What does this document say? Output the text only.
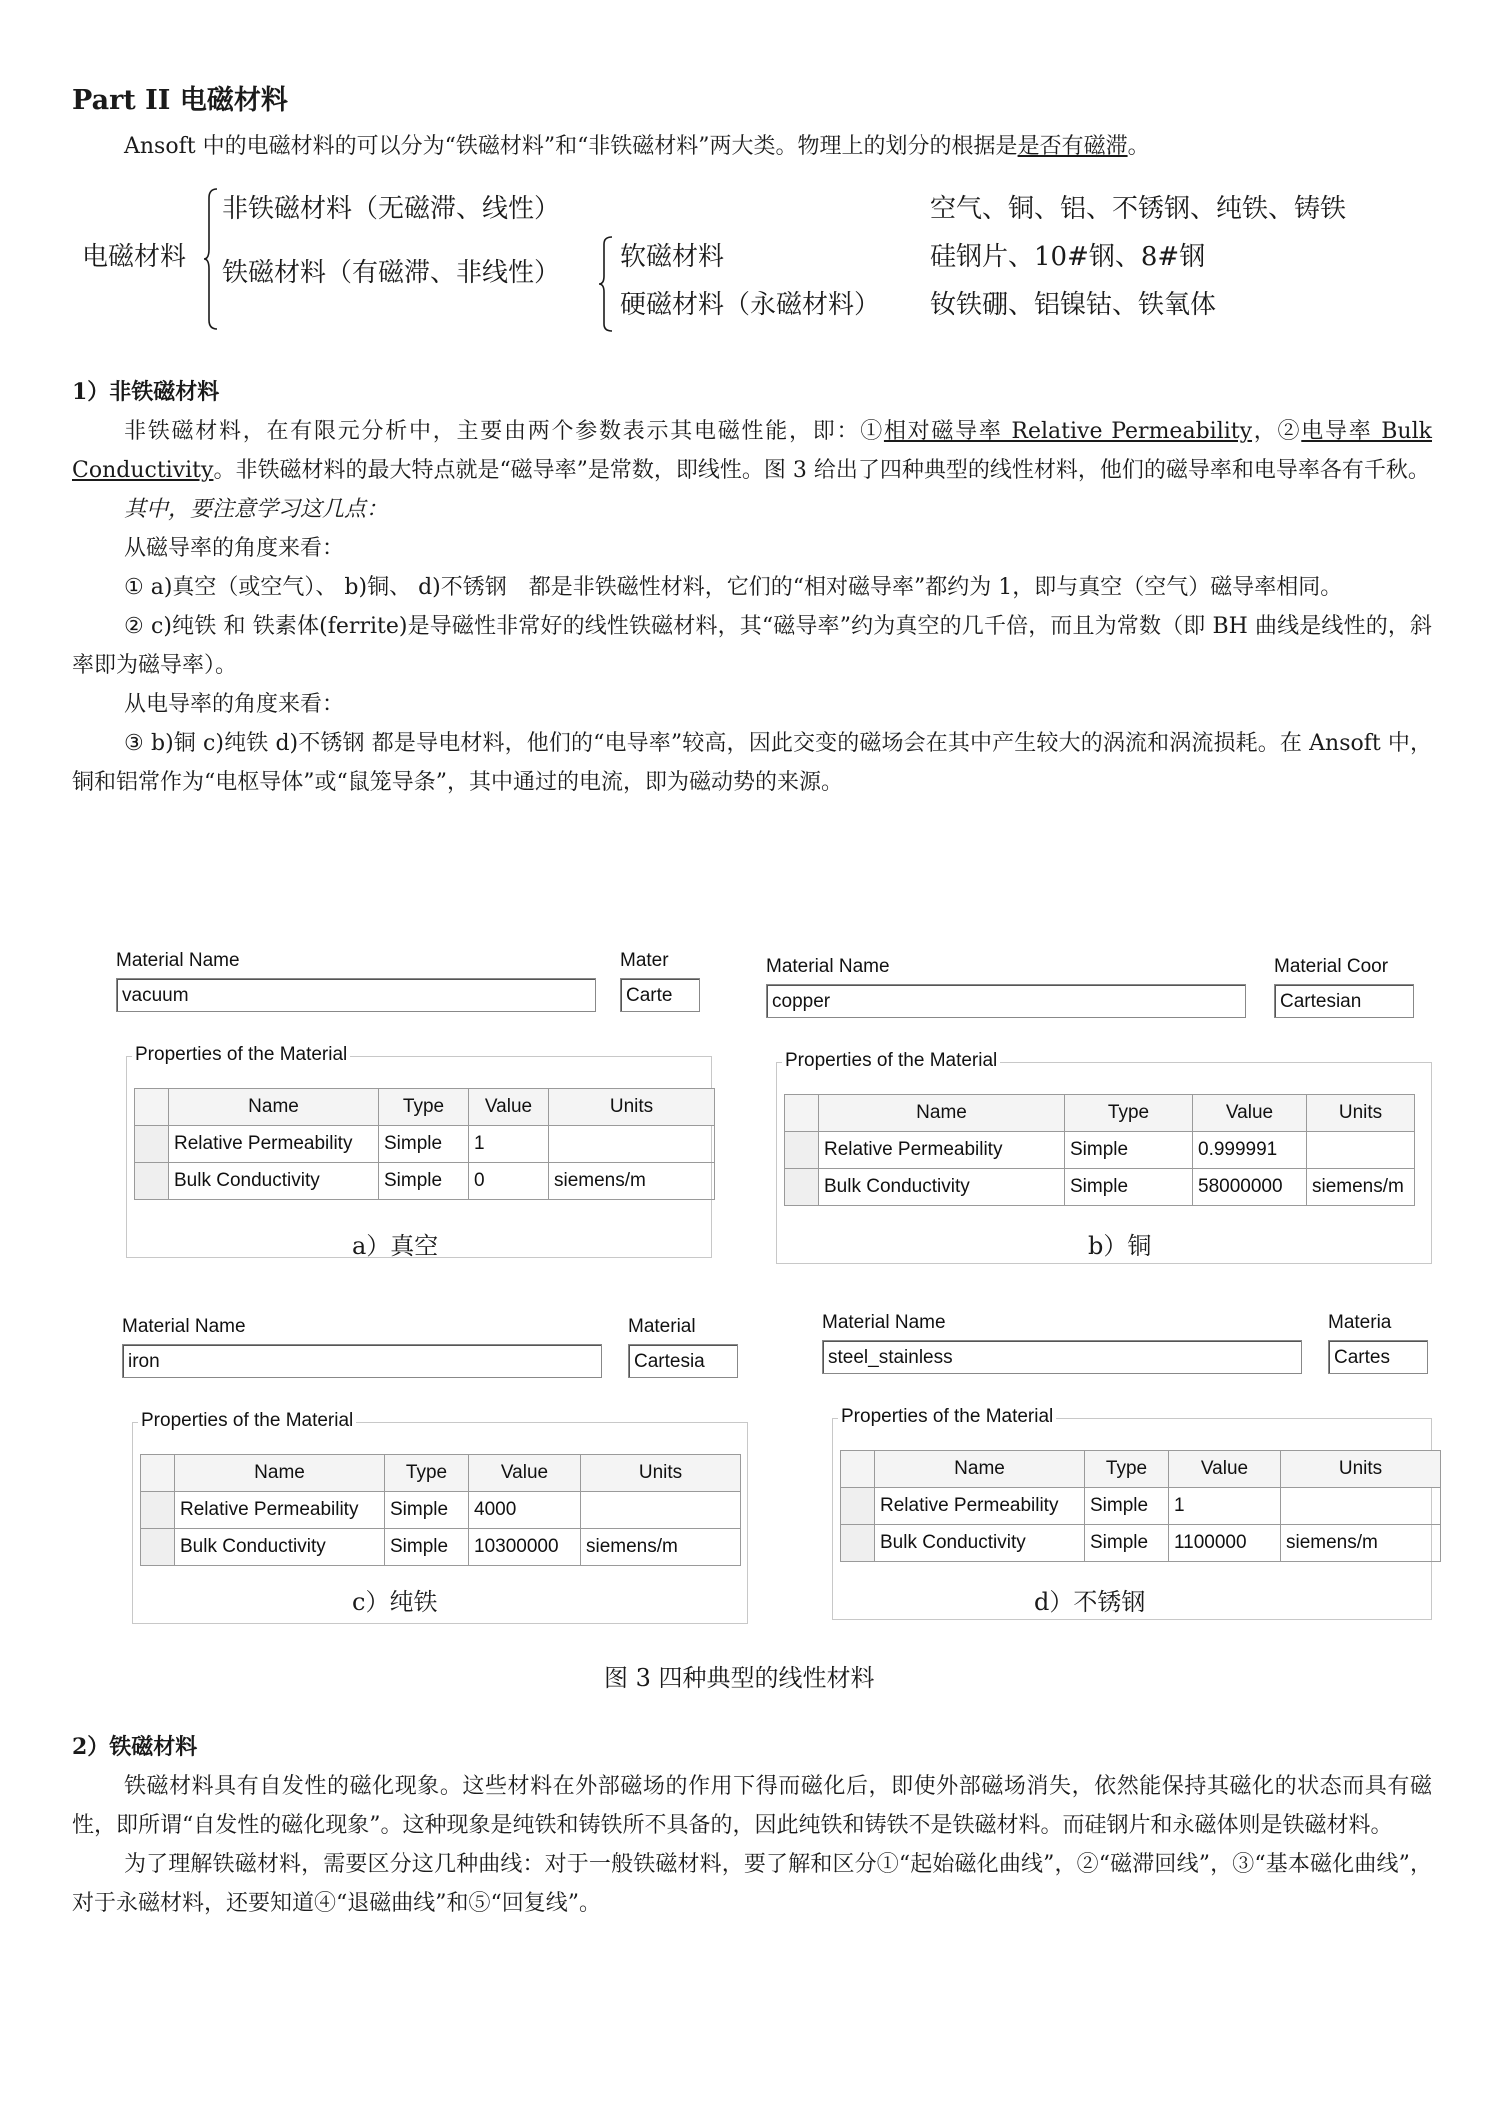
Part II 电磁材料

Ansoft 中的电磁材料的可以分为“铁磁材料”和“非铁磁材料”两大类。物理上的划分的根据是是否有磁滞。

电磁材料
非铁磁材料（无磁滞、线性）	空气、铜、铝、不锈钢、纯铁、铸铁
铁磁材料（有磁滞、非线性）
软磁材料	硅钢片、10#钢、8#钢
硬磁材料（永磁材料） 钕铁硼、铝镍钴、铁氧体
1）非铁磁材料

非铁磁材料，在有限元分析中，主要由两个参数表示其电磁性能，即：①相对磁导率 Relative Permeability，②电导率 Bulk Conductivity。非铁磁材料的最大特点就是“磁导率”是常数，即线性。图 3 给出了四种典型的线性材料，他们的磁导率和电导率各有千秋。

其中，要注意学习这几点：

从磁导率的角度来看：

① a)真空（或空气）、 b)铜、 d)不锈钢　都是非铁磁性材料，它们的“相对磁导率”都约为 1，即与真空（空气）磁导率相同。

② c)纯铁 和 铁素体(ferrite)是导磁性非常好的线性铁磁材料，其“磁导率”约为真空的几千倍，而且为常数（即 BH 曲线是线性的，斜率即为磁导率）。

从电导率的角度来看：

③ b)铜 c)纯铁 d)不锈钢 都是导电材料，他们的“电导率”较高，因此交变的磁场会在其中产生较大的涡流和涡流损耗。在 Ansoft 中，铜和铝常作为“电枢导体”或“鼠笼导条”，其中通过的电流，即为磁动势的来源。

Material Name
vacuum
Mater
Carte
Properties of the Material
	Name	Type	Value	Units
	Relative Permeability	Simple	1	
	Bulk Conductivity	Simple	0	siemens/m
a）真空
Material Name
copper
Material Coor
Cartesian
Properties of the Material
	Name	Type	Value	Units
	Relative Permeability	Simple	0.999991	
	Bulk Conductivity	Simple	58000000	siemens/m
b）铜
Material Name
iron
Material
Cartesia
Properties of the Material
	Name	Type	Value	Units
	Relative Permeability	Simple	4000	
	Bulk Conductivity	Simple	10300000	siemens/m
c）纯铁
Material Name
steel_stainless
Materia
Cartes
Properties of the Material
	Name	Type	Value	Units
	Relative Permeability	Simple	1	
	Bulk Conductivity	Simple	1100000	siemens/m
d）不锈钢
图 3 四种典型的线性材料
2）铁磁材料

铁磁材料具有自发性的磁化现象。这些材料在外部磁场的作用下得而磁化后，即使外部磁场消失，依然能保持其磁化的状态而具有磁性，即所谓“自发性的磁化现象”。这种现象是纯铁和铸铁所不具备的，因此纯铁和铸铁不是铁磁材料。而硅钢片和永磁体则是铁磁材料。

为了理解铁磁材料，需要区分这几种曲线：对于一般铁磁材料，要了解和区分①“起始磁化曲线”，②“磁滞回线”，③“基本磁化曲线”，对于永磁材料，还要知道④“退磁曲线”和⑤“回复线”。
